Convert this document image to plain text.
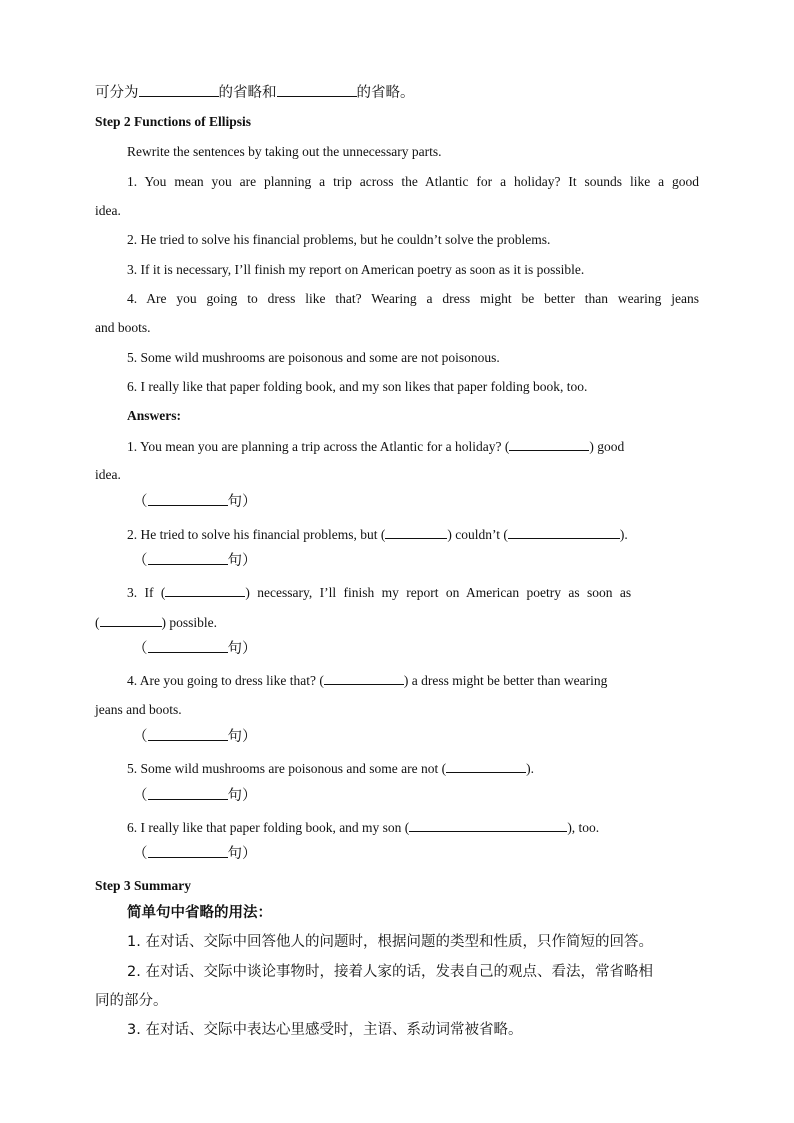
可分为	的省略和	的省略。
Step 2 Functions of Ellipsis
Rewrite the sentences by taking out the unnecessary parts.
1. You mean you are planning a trip across the Atlantic for a holiday? It sounds like a good
idea.
2. He tried to solve his financial problems, but he couldn’t solve the problems.
3. If it is necessary, I’ll finish my report on American poetry as soon as it is possible.
4. Are you going to dress like that? Wearing a dress might be better than wearing jeans
and boots.
5. Some wild mushrooms are poisonous and some are not poisonous.
6. I really like that paper folding book, and my son likes that paper folding book, too.
Answers:
1. You mean you are planning a trip across the Atlantic for a holiday? (	) good
idea.
（	句）
2. He tried to solve his financial problems, but (	) couldn’t (	).
（	句）
3. If (	) necessary, I’ll finish my report on American poetry as soon as
(	) possible.
（	句）
4. Are you going to dress like that? (	) a dress might be better than wearing
jeans and boots.
（	句）
5. Some wild mushrooms are poisonous and some are not (	).
（	句）
6. I really like that paper folding book, and my son (	), too.
（	句）
Step 3 Summary
简单句中省略的用法：
1. 在对话、交际中回答他人的问题时，根据问题的类型和性质，只作简短的回答。
2. 在对话、交际中谈论事物时，接着人家的话，发表自己的观点、看法，常省略相
同的部分。
3. 在对话、交际中表达心里感受时，主语、系动词常被省略。
